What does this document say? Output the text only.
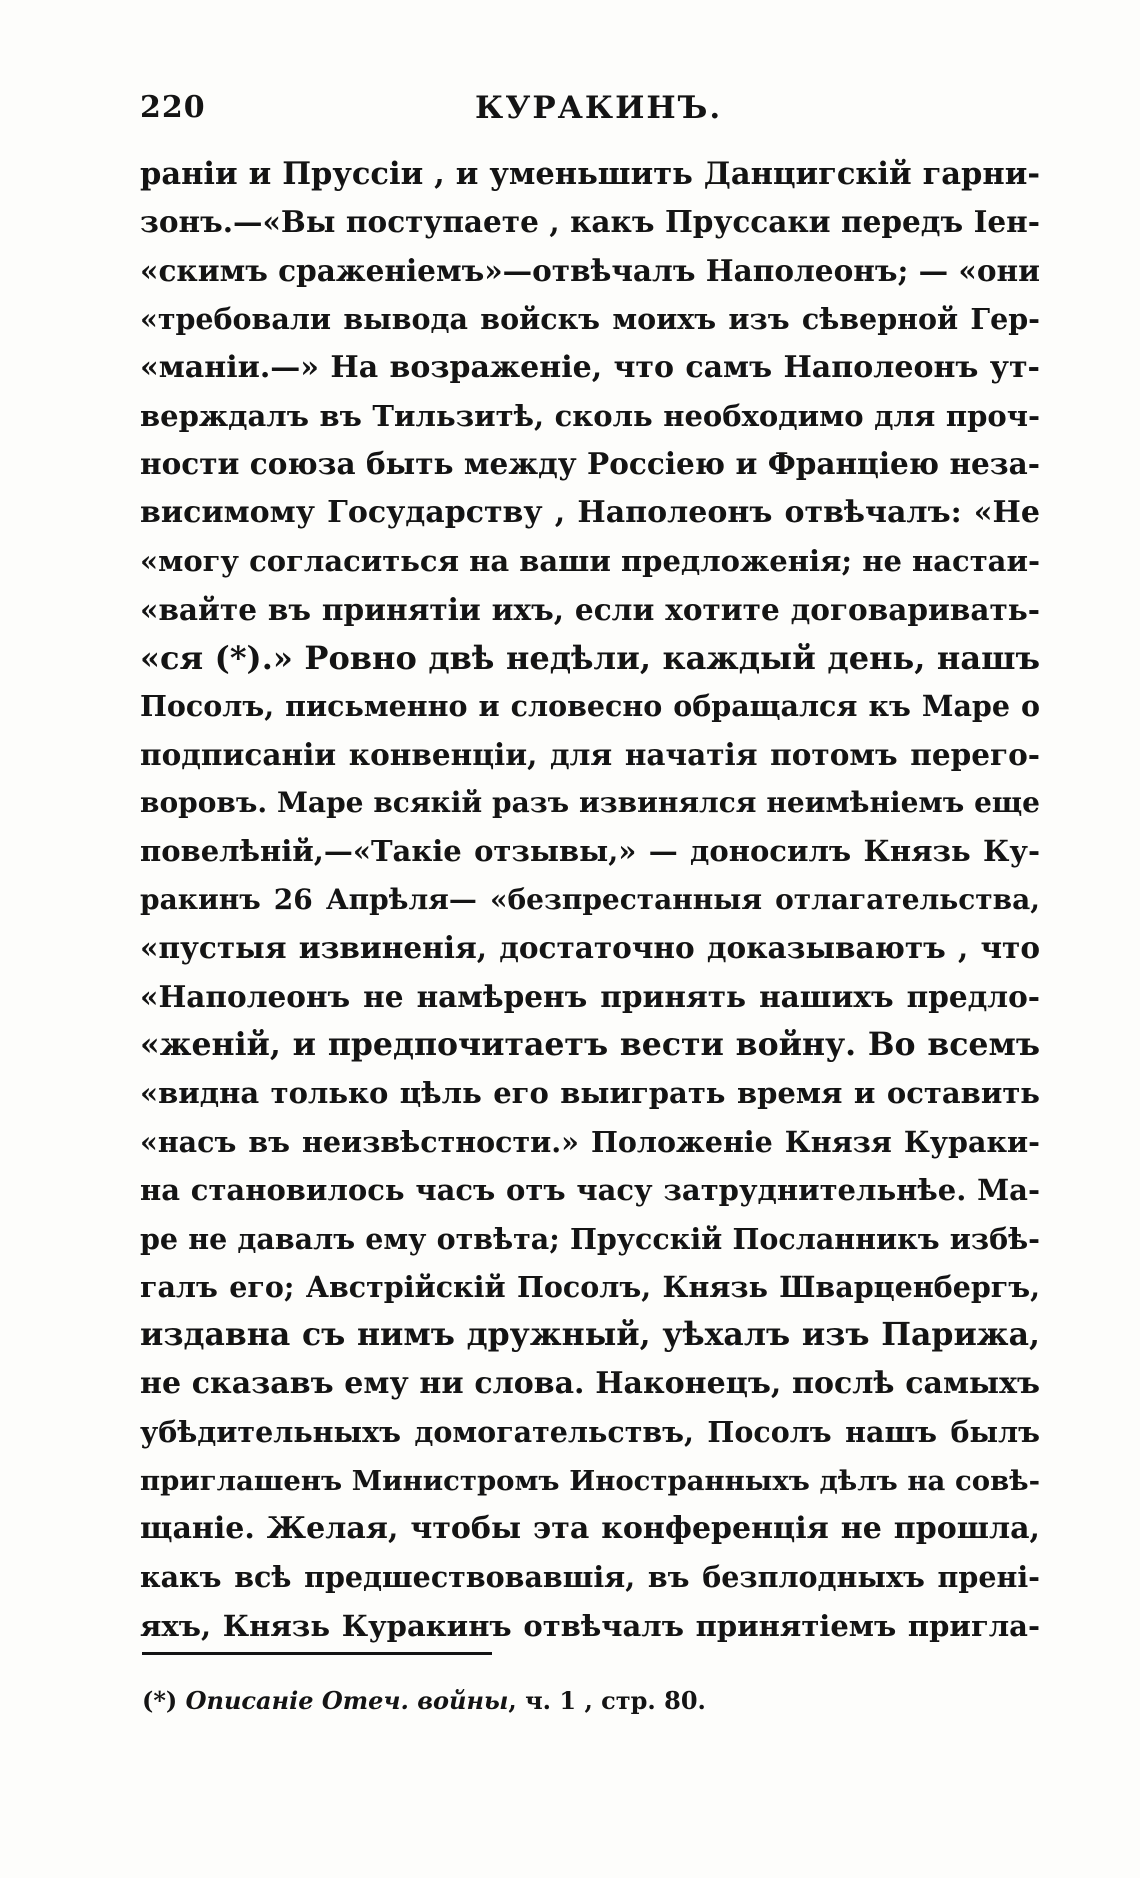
220	КУРАКИНЪ.
раніи и Пруссіи , и уменьшить Данцигскій гарни-
зонъ.—«Вы поступаете , какъ Пруссаки передъ Іен-
«скимъ сраженіемъ»—отвѣчалъ Наполеонъ; — «они
«требовали вывода войскъ моихъ изъ сѣверной Гер-
«маніи.—» На возраженіе, что самъ Наполеонъ ут-
верждалъ въ Тильзитѣ, сколь необходимо для проч-
ности союза быть между Россіею и Франціею неза-
висимому Государству , Наполеонъ отвѣчалъ: «Не
«могу согласиться на ваши предложенія; не настаи-
«вайте въ принятіи ихъ, если хотите договаривать-
«ся (*).» Ровно двѣ недѣли, каждый день, нашъ
Посолъ, письменно и словесно обращался къ Маре о
подписаніи конвенціи, для начатія потомъ перего-
воровъ. Маре всякій разъ извинялся неимѣніемъ еще
повелѣній,—«Такіе отзывы,» — доносилъ Князь Ку-
ракинъ 26 Апрѣля— «безпрестанныя отлагательства,
«пустыя извиненія, достаточно доказываютъ , что
«Наполеонъ не намѣренъ принять нашихъ предло-
«женій, и предпочитаетъ вести войну. Во всемъ
«видна только цѣль его выиграть время и оставить
«насъ въ неизвѣстности.» Положеніе Князя Кураки-
на становилось часъ отъ часу затруднительнѣе. Ма-
ре не давалъ ему отвѣта; Прусскій Посланникъ избѣ-
галъ его; Австрійскій Посолъ, Князь Шварценбергъ,
издавна съ нимъ дружный, уѣхалъ изъ Парижа,
не сказавъ ему ни слова. Наконецъ, послѣ самыхъ
убѣдительныхъ домогательствъ, Посолъ нашъ былъ
приглашенъ Министромъ Иностранныхъ дѣлъ на совѣ-
щаніе. Желая, чтобы эта конференція не прошла,
какъ всѣ предшествовавшія, въ безплодныхъ прені-
яхъ, Князь Куракинъ отвѣчалъ принятіемъ пригла-
(*) Описаніе Отеч. войны, ч. 1 , стр. 80.
